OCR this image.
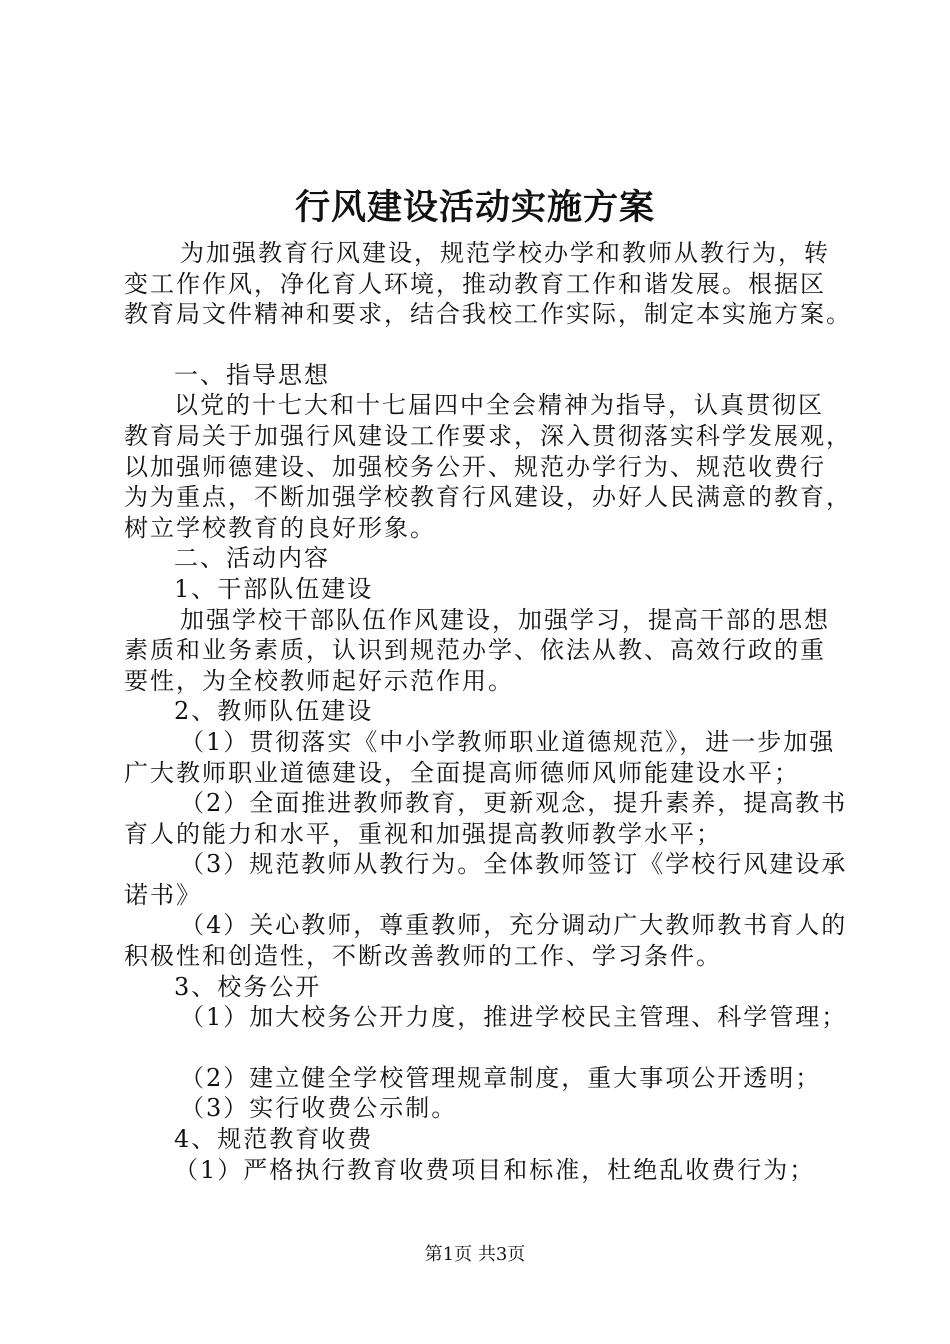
行风建设活动实施方案

为加强教育行风建设，规范学校办学和教师从教行为，转

变工作作风，净化育人环境，推动教育工作和谐发展。根据区

教育局文件精神和要求，结合我校工作实际，制定本实施方案。

一、指导思想

以党的十七大和十七届四中全会精神为指导，认真贯彻区

教育局关于加强行风建设工作要求，深入贯彻落实科学发展观，

以加强师德建设、加强校务公开、规范办学行为、规范收费行

为为重点，不断加强学校教育行风建设，办好人民满意的教育，

树立学校教育的良好形象。

二、活动内容

1、干部队伍建设

加强学校干部队伍作风建设，加强学习，提高干部的思想

素质和业务素质，认识到规范办学、依法从教、高效行政的重

要性，为全校教师起好示范作用。

2、教师队伍建设

（1）贯彻落实《中小学教师职业道德规范》，进一步加强

广大教师职业道德建设，全面提高师德师风师能建设水平；

（2）全面推进教师教育，更新观念，提升素养，提高教书

育人的能力和水平，重视和加强提高教师教学水平；

（3）规范教师从教行为。全体教师签订《学校行风建设承

诺书》

（4）关心教师，尊重教师，充分调动广大教师教书育人的

积极性和创造性，不断改善教师的工作、学习条件。

3、校务公开

（1）加大校务公开力度，推进学校民主管理、科学管理；

（2）建立健全学校管理规章制度，重大事项公开透明；

（3）实行收费公示制。

4、规范教育收费

（1）严格执行教育收费项目和标准，杜绝乱收费行为；

第1页 共3页
